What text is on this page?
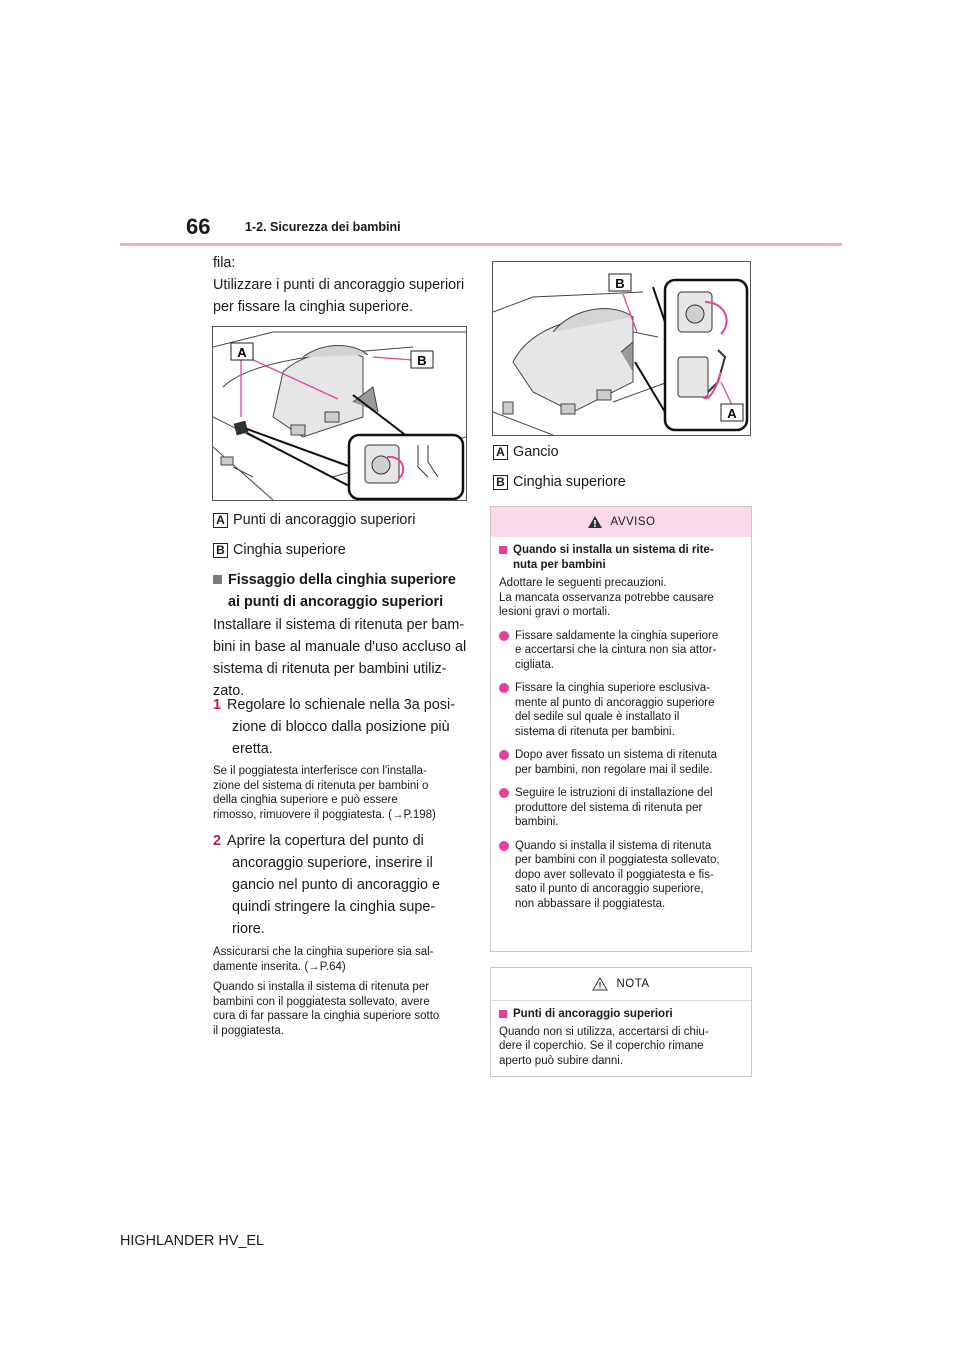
66	1-2. Sicurezza dei bambini
fila:
Utilizzare i punti di ancoraggio superiori
per fissare la cinghia superiore.
A
B
A Punti di ancoraggio superiori
B Cinghia superiore
Fissaggio della cinghia superiore
ai punti di ancoraggio superiori
Installare il sistema di ritenuta per bam-
bini in base al manuale d'uso accluso al
sistema di ritenuta per bambini utiliz-
zato.
1 Regolare lo schienale nella 3a posi-
zione di blocco dalla posizione più
eretta.
Se il poggiatesta interferisce con l'installa-
zione del sistema di ritenuta per bambini o
della cinghia superiore e può essere
rimosso, rimuovere il poggiatesta. (→P.198)
2 Aprire la copertura del punto di
ancoraggio superiore, inserire il
gancio nel punto di ancoraggio e
quindi stringere la cinghia supe-
riore.
Assicurarsi che la cinghia superiore sia sal-
damente inserita. (→P.64)
Quando si installa il sistema di ritenuta per
bambini con il poggiatesta sollevato, avere
cura di far passare la cinghia superiore sotto
il poggiatesta.
B
A
A Gancio
B Cinghia superiore
AVVISO
Quando si installa un sistema di rite-
nuta per bambini
Adottare le seguenti precauzioni.
La mancata osservanza potrebbe causare
lesioni gravi o mortali.
Fissare saldamente la cinghia superiore
e accertarsi che la cintura non sia attor-
cigliata.
Fissare la cinghia superiore esclusiva-
mente al punto di ancoraggio superiore
del sedile sul quale è installato il
sistema di ritenuta per bambini.
Dopo aver fissato un sistema di ritenuta
per bambini, non regolare mai il sedile.
Seguire le istruzioni di installazione del
produttore del sistema di ritenuta per
bambini.
Quando si installa il sistema di ritenuta
per bambini con il poggiatesta sollevato,
dopo aver sollevato il poggiatesta e fis-
sato il punto di ancoraggio superiore,
non abbassare il poggiatesta.
NOTA
Punti di ancoraggio superiori
Quando non si utilizza, accertarsi di chiu-
dere il coperchio. Se il coperchio rimane
aperto può subire danni.
HIGHLANDER HV_EL
